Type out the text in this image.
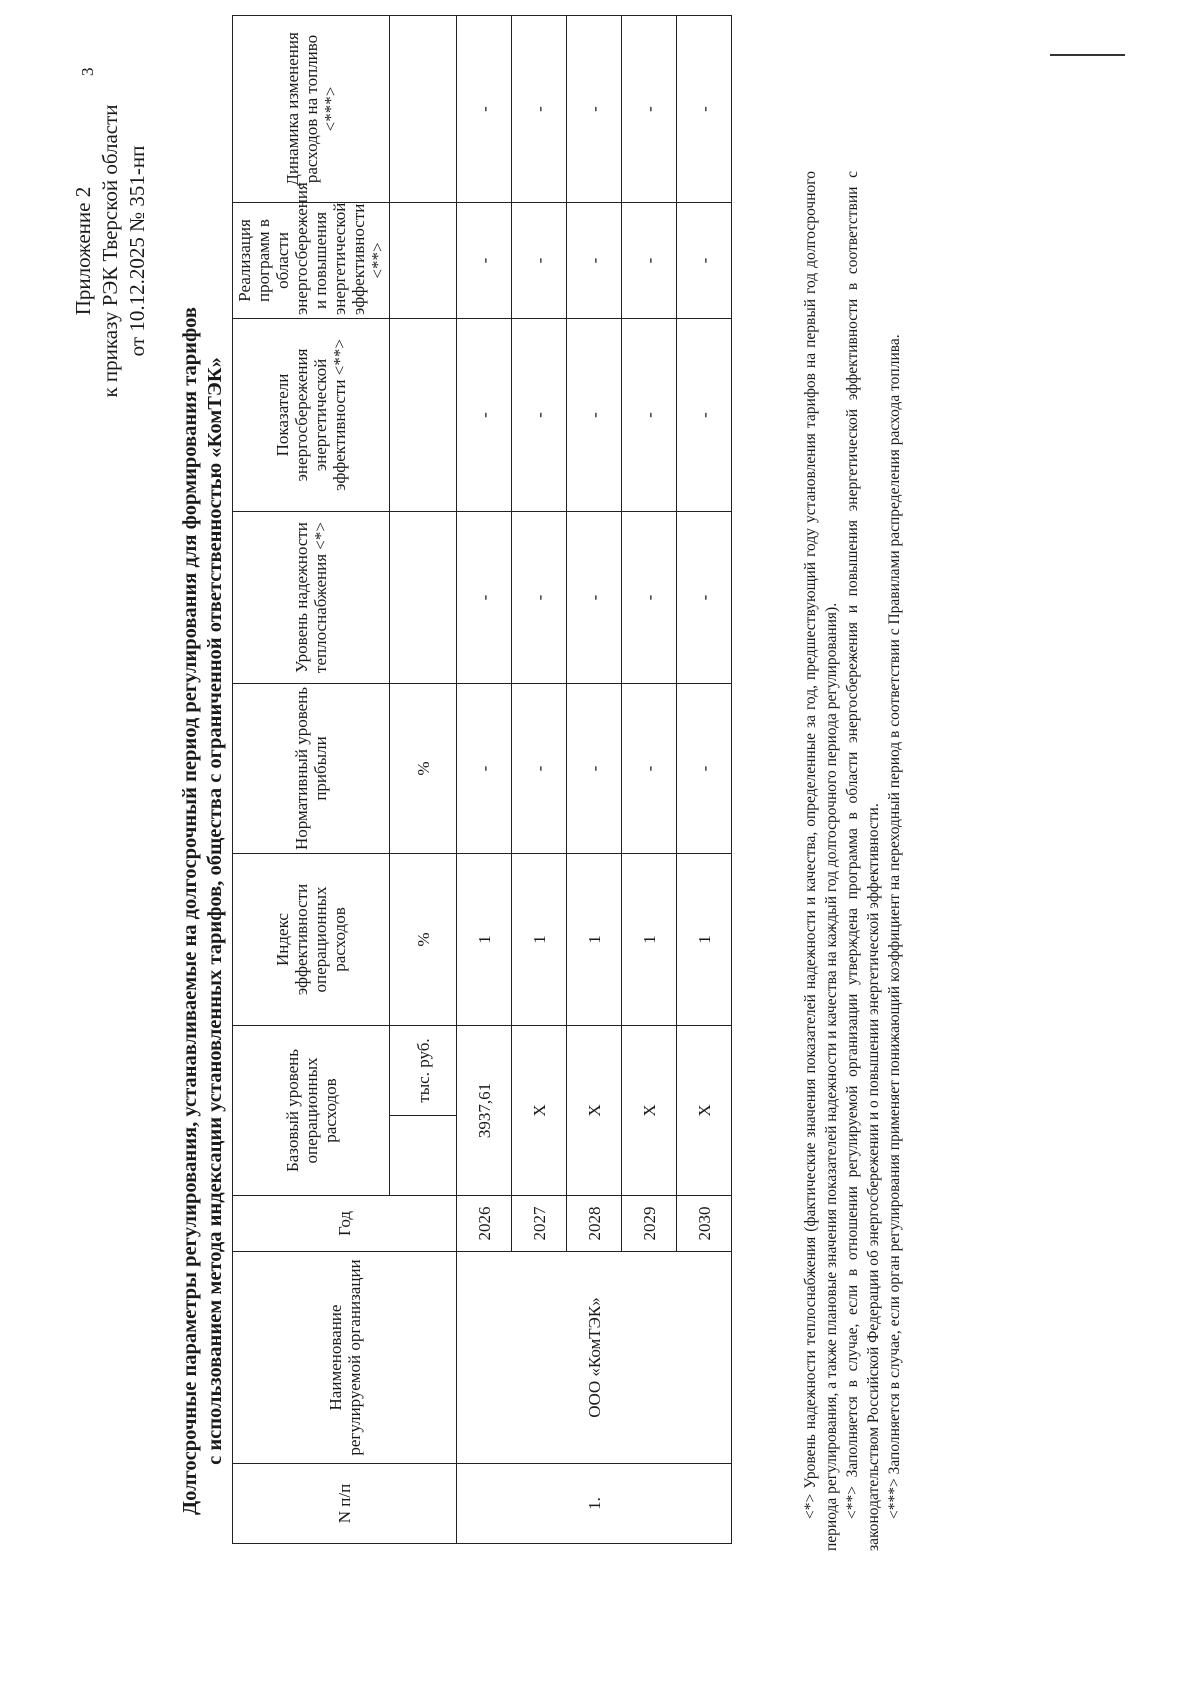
3
Приложение 2 к приказу РЭК Тверской области от 10.12.2025 № 351-нп
Долгосрочные параметры регулирования, устанавливаемые на долгосрочный период регулирования для формирования тарифов с использованием метода индексации установленных тарифов, общества с ограниченной ответственностью «КомТЭК»
N п/п	Наименование регулируемой организации	Год	Базовый уровень операционных расходов		Индекс эффективности операционных расходов	Нормативный уровень прибыли	Уровень надежности теплоснабжения <*>	Показатели энергосбережения энергетической эффективности <**>	Реализация программ в области энергосбережения и повышения энергетической эффективности <**>	Динамика изменения расходов на топливо <***>
				тыс. руб.	%	%				
1.	ООО «КомТЭК»	2026	3937,61		1	-	-	-	-	-
		2027	Х		1	-	-	-	-	-
		2028	Х		1	-	-	-	-	-
		2029	Х		1	-	-	-	-	-
		2030	Х		1	-	-	-	-	-

<*> Уровень надежности теплоснабжения (фактические значения показателей надежности и качества, определенные за год, предшествующий году установления тарифов на первый год долгосрочного периода регулирования, а также плановые значения показателей надежности и качества на каждый год долгосрочного периода регулирования). <**> Заполняется в случае, если в отношении регулируемой организации утверждена программа в области энергосбережения и повышения энергетической эффективности в соответствии с законодательством Российской Федерации об энергосбережении и о повышении энергетической эффективности. <***> Заполняется в случае, если орган регулирования применяет понижающий коэффициент на переходный период в соответствии с Правилами распределения расхода топлива.
